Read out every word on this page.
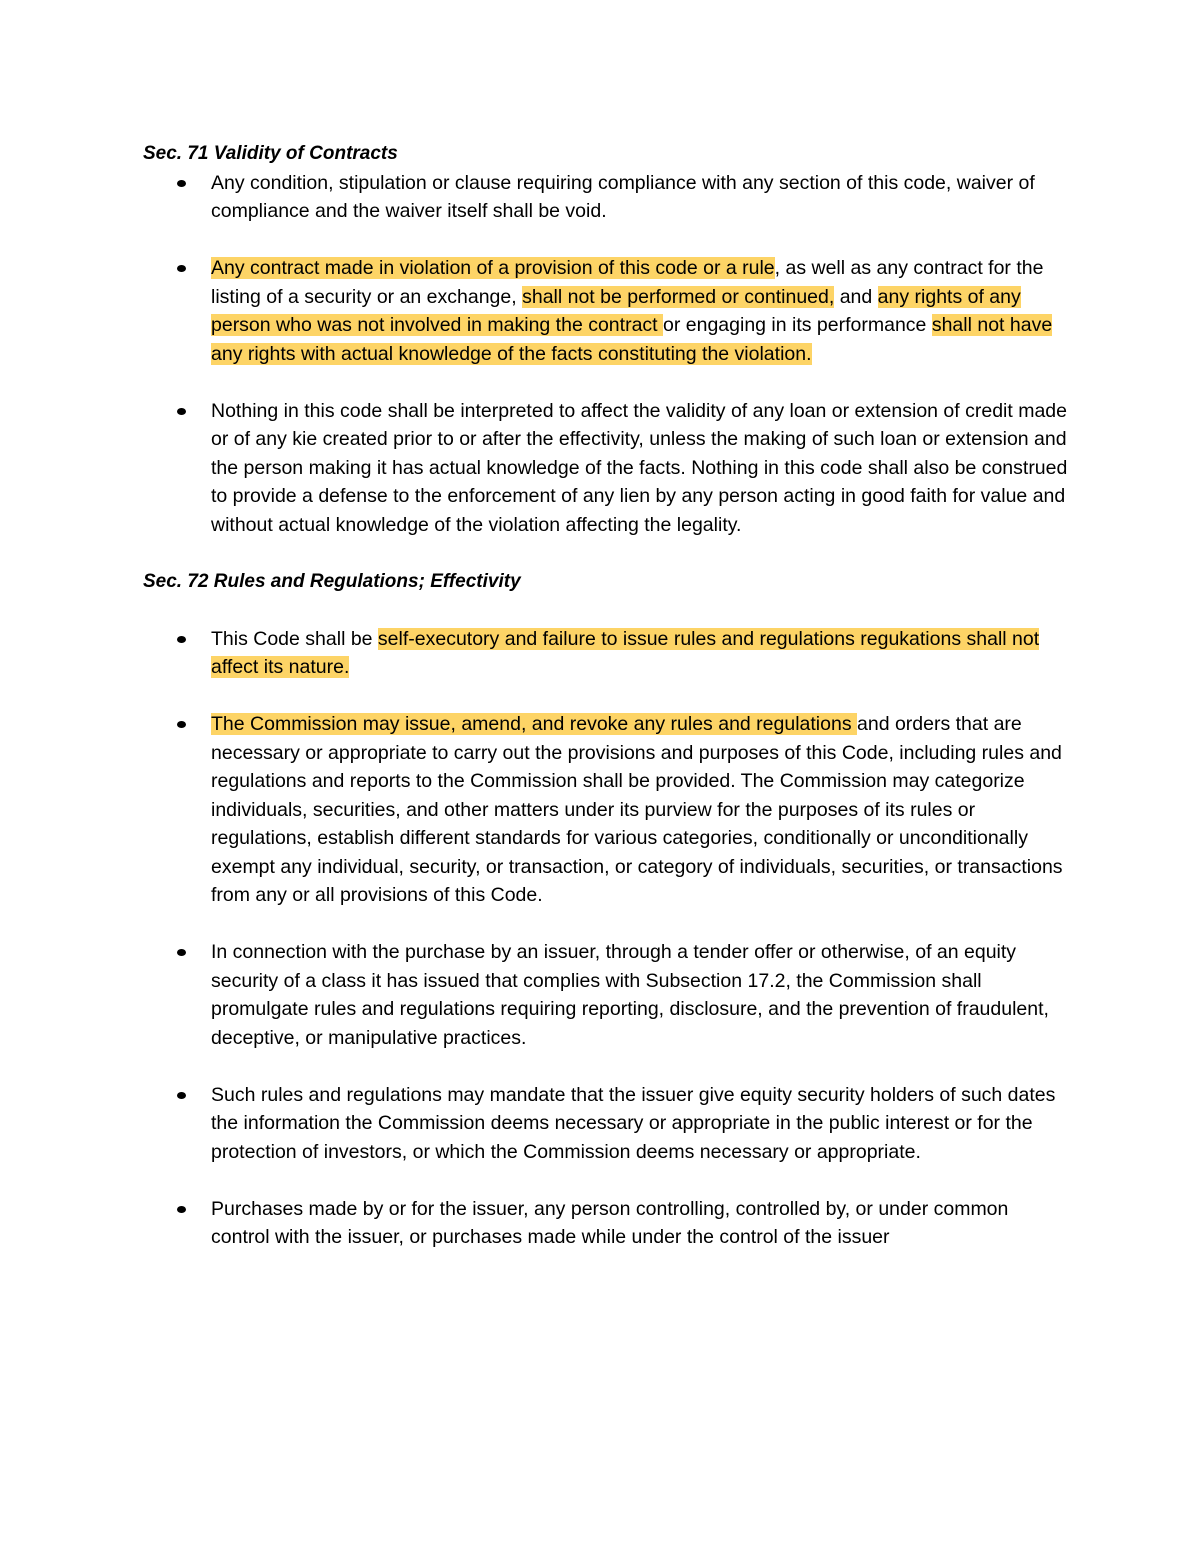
Sec. 71 Validity of Contracts
Any condition, stipulation or clause requiring compliance with any section of this code, waiver of compliance and the waiver itself shall be void.
Any contract made in violation of a provision of this code or a rule, as well as any contract for the listing of a security or an exchange, shall not be performed or continued, and any rights of any person who was not involved in making the contract or engaging in its performance shall not have any rights with actual knowledge of the facts constituting the violation.
Nothing in this code shall be interpreted to affect the validity of any loan or extension of credit made or of any kie created prior to or after the effectivity, unless the making of such loan or extension and the person making it has actual knowledge of the facts. Nothing in this code shall also be construed to provide a defense to the enforcement of any lien by any person acting in good faith for value and without actual knowledge of the violation affecting the legality.
Sec. 72 Rules and Regulations; Effectivity
This Code shall be self-executory and failure to issue rules and regulations regukations shall not affect its nature.
The Commission may issue, amend, and revoke any rules and regulations and orders that are necessary or appropriate to carry out the provisions and purposes of this Code, including rules and regulations and reports to the Commission shall be provided. The Commission may categorize individuals, securities, and other matters under its purview for the purposes of its rules or regulations, establish different standards for various categories, conditionally or unconditionally exempt any individual, security, or transaction, or category of individuals, securities, or transactions from any or all provisions of this Code.
In connection with the purchase by an issuer, through a tender offer or otherwise, of an equity security of a class it has issued that complies with Subsection 17.2, the Commission shall promulgate rules and regulations requiring reporting, disclosure, and the prevention of fraudulent, deceptive, or manipulative practices.
Such rules and regulations may mandate that the issuer give equity security holders of such dates the information the Commission deems necessary or appropriate in the public interest or for the protection of investors, or which the Commission deems necessary or appropriate.
Purchases made by or for the issuer, any person controlling, controlled by, or under common control with the issuer, or purchases made while under the control of the issuer
